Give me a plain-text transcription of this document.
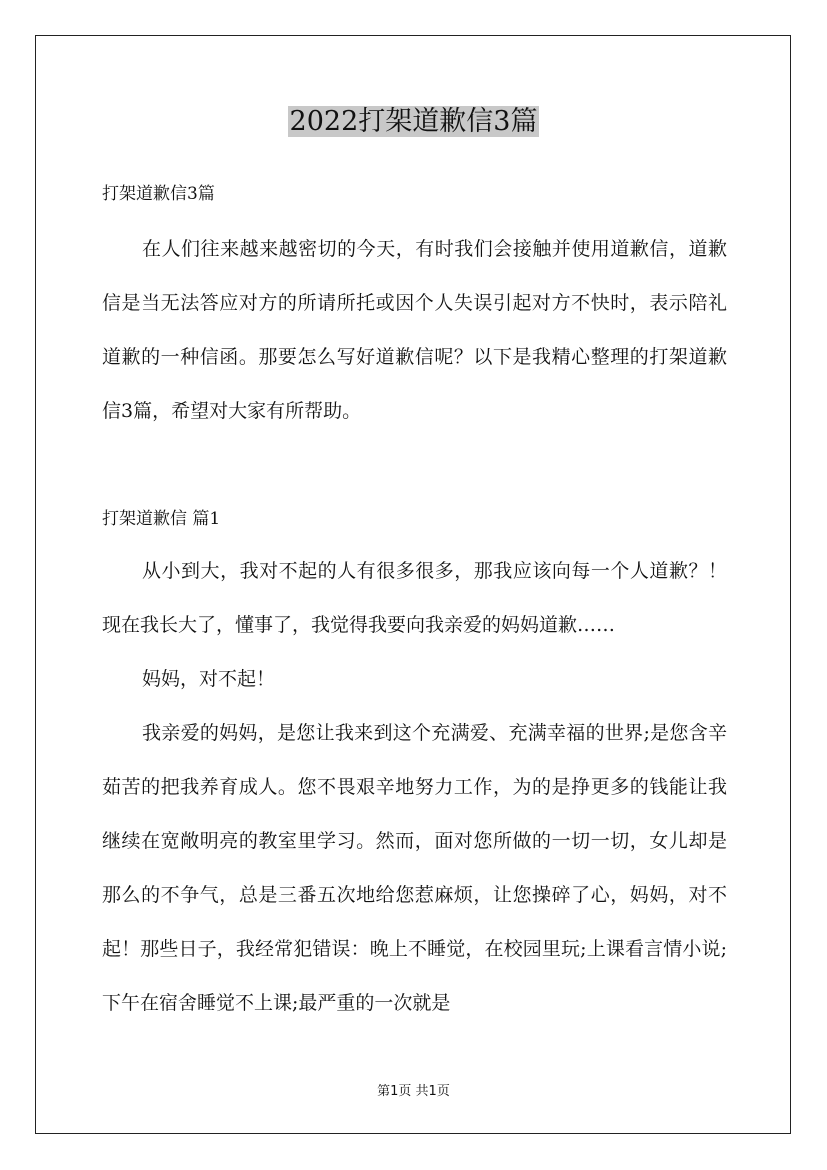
2022打架道歉信3篇
打架道歉信3篇

在人们往来越来越密切的今天，有时我们会接触并使用道歉信，道歉信是当无法答应对方的所请所托或因个人失误引起对方不快时，表示陪礼道歉的一种信函。那要怎么写好道歉信呢？以下是我精心整理的打架道歉信3篇，希望对大家有所帮助。

打架道歉信 篇1

从小到大，我对不起的人有很多很多，那我应该向每一个人道歉？！现在我长大了，懂事了，我觉得我要向我亲爱的妈妈道歉……

妈妈，对不起！

我亲爱的妈妈，是您让我来到这个充满爱、充满幸福的世界;是您含辛茹苦的把我养育成人。您不畏艰辛地努力工作，为的是挣更多的钱能让我继续在宽敞明亮的教室里学习。然而，面对您所做的一切一切，女儿却是那么的不争气，总是三番五次地给您惹麻烦，让您操碎了心，妈妈，对不起！那些日子，我经常犯错误：晚上不睡觉，在校园里玩;上课看言情小说;下午在宿舍睡觉不上课;最严重的一次就是

第1页 共1页
